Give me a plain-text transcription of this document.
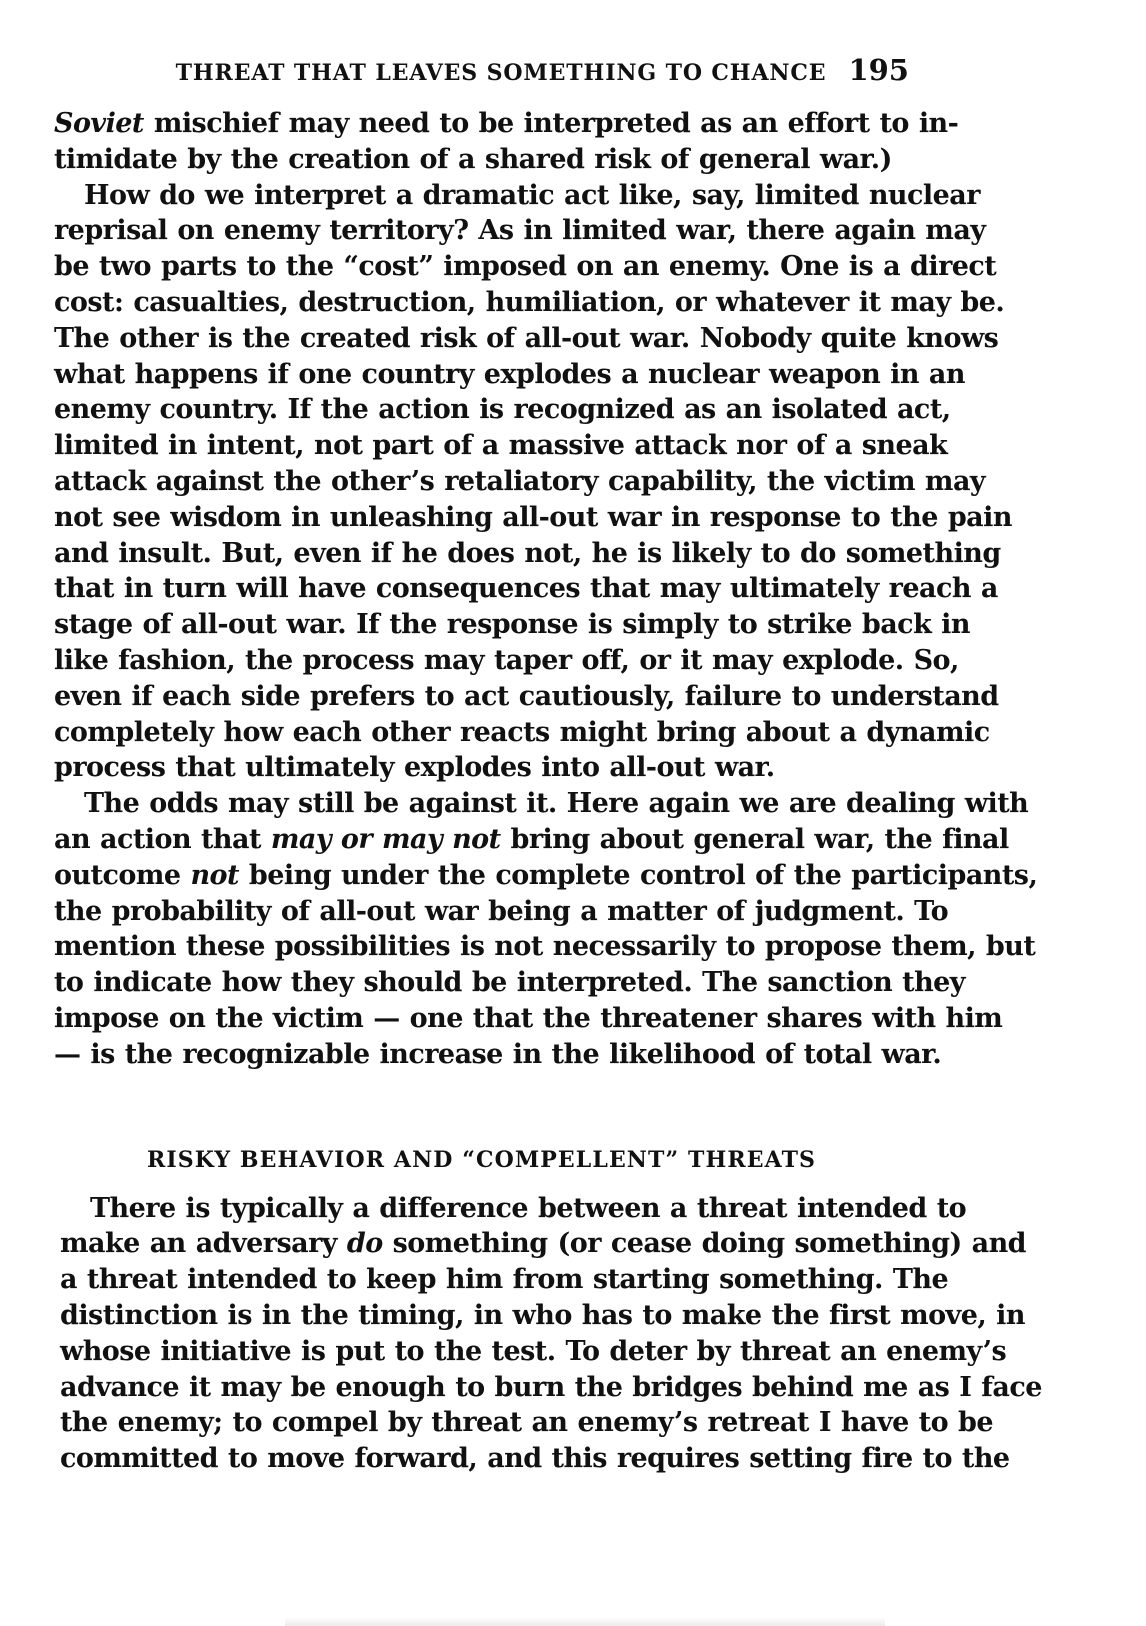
THREAT THAT LEAVES SOMETHING TO CHANCE 195

Soviet mischief may need to be interpreted as an effort to in-
timidate by the creation of a shared risk of general war.)

How do we interpret a dramatic act like, say, limited nuclear
reprisal on enemy territory? As in limited war, there again may
be two parts to the “cost” imposed on an enemy. One is a direct
cost: casualties, destruction, humiliation, or whatever it may be.
The other is the created risk of all-out war. Nobody quite knows
what happens if one country explodes a nuclear weapon in an
enemy country. If the action is recognized as an isolated act,
limited in intent, not part of a massive attack nor of a sneak
attack against the other’s retaliatory capability, the victim may
not see wisdom in unleashing all-out war in response to the pain
and insult. But, even if he does not, he is likely to do something
that in turn will have consequences that may ultimately reach a
stage of all-out war. If the response is simply to strike back in
like fashion, the process may taper off, or it may explode. So,
even if each side prefers to act cautiously, failure to understand
completely how each other reacts might bring about a dynamic
process that ultimately explodes into all-out war.

The odds may still be against it. Here again we are dealing with
an action that may or may not bring about general war, the final
outcome not being under the complete control of the participants,
the probability of all-out war being a matter of judgment. To
mention these possibilities is not necessarily to propose them, but
to indicate how they should be interpreted. The sanction they
impose on the victim — one that the threatener shares with him
— is the recognizable increase in the likelihood of total war.

RISKY BEHAVIOR AND “COMPELLENT” THREATS

There is typically a difference between a threat intended to
make an adversary do something (or cease doing something) and
a threat intended to keep him from starting something. The
distinction is in the timing, in who has to make the first move, in
whose initiative is put to the test. To deter by threat an enemy’s
advance it may be enough to burn the bridges behind me as I face
the enemy; to compel by threat an enemy’s retreat I have to be
committed to move forward, and this requires setting fire to the
